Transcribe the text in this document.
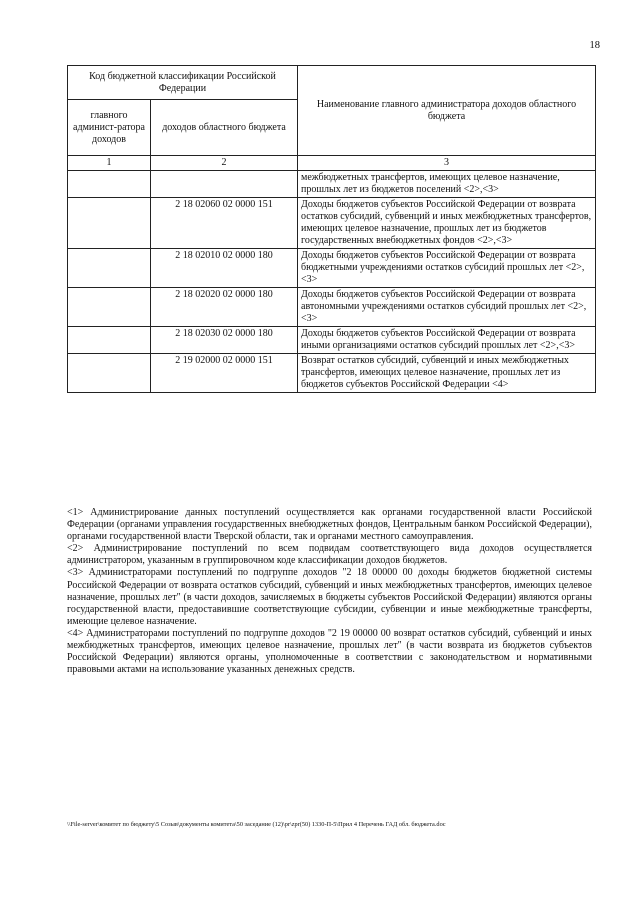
18
Код бюджетной классификации Российской Федерации		Наименование главного администратора доходов областного бюджета
главного админист-ратора доходов	доходов областного бюджета	
1	2	3
		межбюджетных трансфертов, имеющих целевое назначение, прошлых лет из бюджетов поселений <2>,<3>
	2 18 02060 02 0000 151	Доходы бюджетов субъектов Российской Федерации от возврата остатков субсидий, субвенций и иных межбюджетных трансфертов, имеющих целевое назначение, прошлых лет из бюджетов государственных внебюджетных фондов <2>,<3>
	2 18 02010 02 0000 180	Доходы бюджетов субъектов Российской Федерации от возврата бюджетными учреждениями остатков субсидий прошлых лет <2>,<3>
	2 18 02020 02 0000 180	Доходы бюджетов субъектов Российской Федерации от возврата автономными учреждениями остатков субсидий прошлых лет <2>,<3>
	2 18 02030 02 0000 180	Доходы бюджетов субъектов Российской Федерации от возврата иными организациями остатков субсидий прошлых лет <2>,<3>
	2 19 02000 02 0000 151	Возврат остатков субсидий, субвенций и иных межбюджетных трансфертов, имеющих целевое назначение, прошлых лет из бюджетов субъектов Российской Федерации <4>

<1> Администрирование данных поступлений осуществляется как органами государственной власти Российской Федерации (органами управления государственных внебюджетных фондов, Центральным банком Российской Федерации), органами государственной власти Тверской области, так и органами местного самоуправления.

<2> Администрирование поступлений по всем подвидам соответствующего вида доходов осуществляется администратором, указанным в группировочном коде классификации доходов бюджетов.

<3> Администраторами поступлений по подгруппе доходов "2 18 00000 00 доходы бюджетов бюджетной системы Российской Федерации от возврата остатков субсидий, субвенций и иных межбюджетных трансфертов, имеющих целевое назначение, прошлых лет" (в части доходов, зачисляемых в бюджеты субъектов Российской Федерации) являются органы государственной власти, предоставившие соответствующие субсидии, субвенции и иные межбюджетные трансферты, имеющие целевое назначение.

<4> Администраторами поступлений по подгруппе доходов "2 19 00000 00 возврат остатков субсидий, субвенций и иных межбюджетных трансфертов, имеющих целевое назначение, прошлых лет" (в части возврата из бюджетов субъектов Российской Федерации) являются органы, уполномоченные в соответствии с законодательством и нормативными правовыми актами на использование указанных денежных средств.

\\File-server\комитет по бюджету\5 Созыв\документы комитета\50 заседание (12)\pr\zpr(50) 1330-П-5\Прил 4 Перечень ГАД обл. бюджета.doc
